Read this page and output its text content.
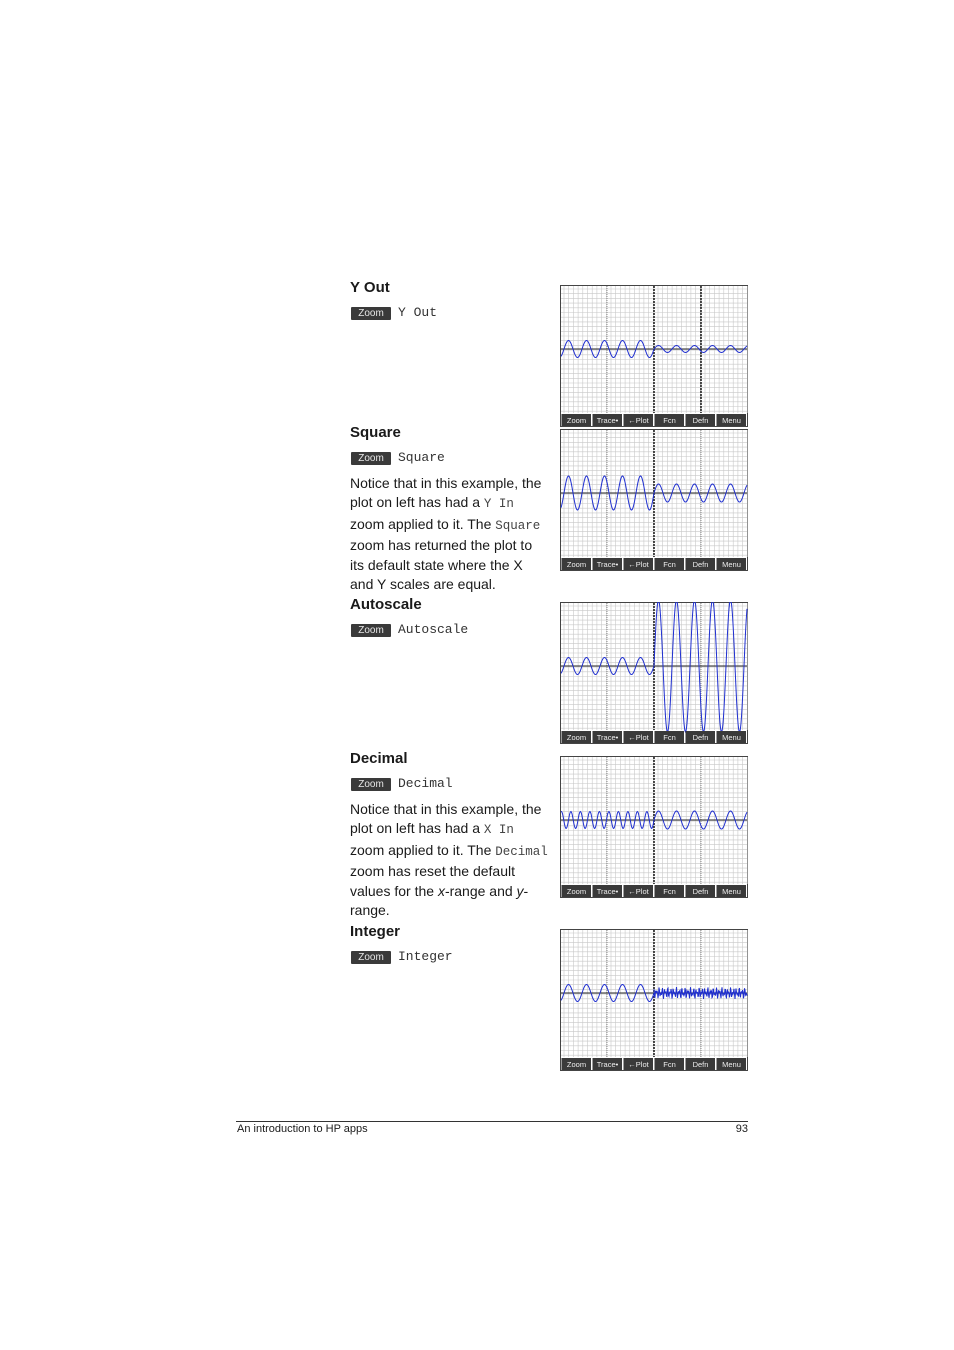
Y Out
Zoom	Y Out
Square
Zoom	Square
Notice that in this example, the plot on left has had a Y In zoom applied to it. The Square zoom has returned the plot to its default state where the X and Y scales are equal.
Autoscale
Zoom	Autoscale
Decimal
Zoom	Decimal
Notice that in this example, the plot on left has had a X In zoom applied to it. The Decimal zoom has reset the default values for the x-range and y-range.
Integer
Zoom	Integer
Zoom Trace• ←Plot Fcn Defn Menu
Zoom Trace• ←Plot Fcn Defn Menu
Zoom Trace• ←Plot Fcn Defn Menu
Zoom Trace• ←Plot Fcn Defn Menu
Zoom Trace• ←Plot Fcn Defn Menu
An introduction to HP apps	93
